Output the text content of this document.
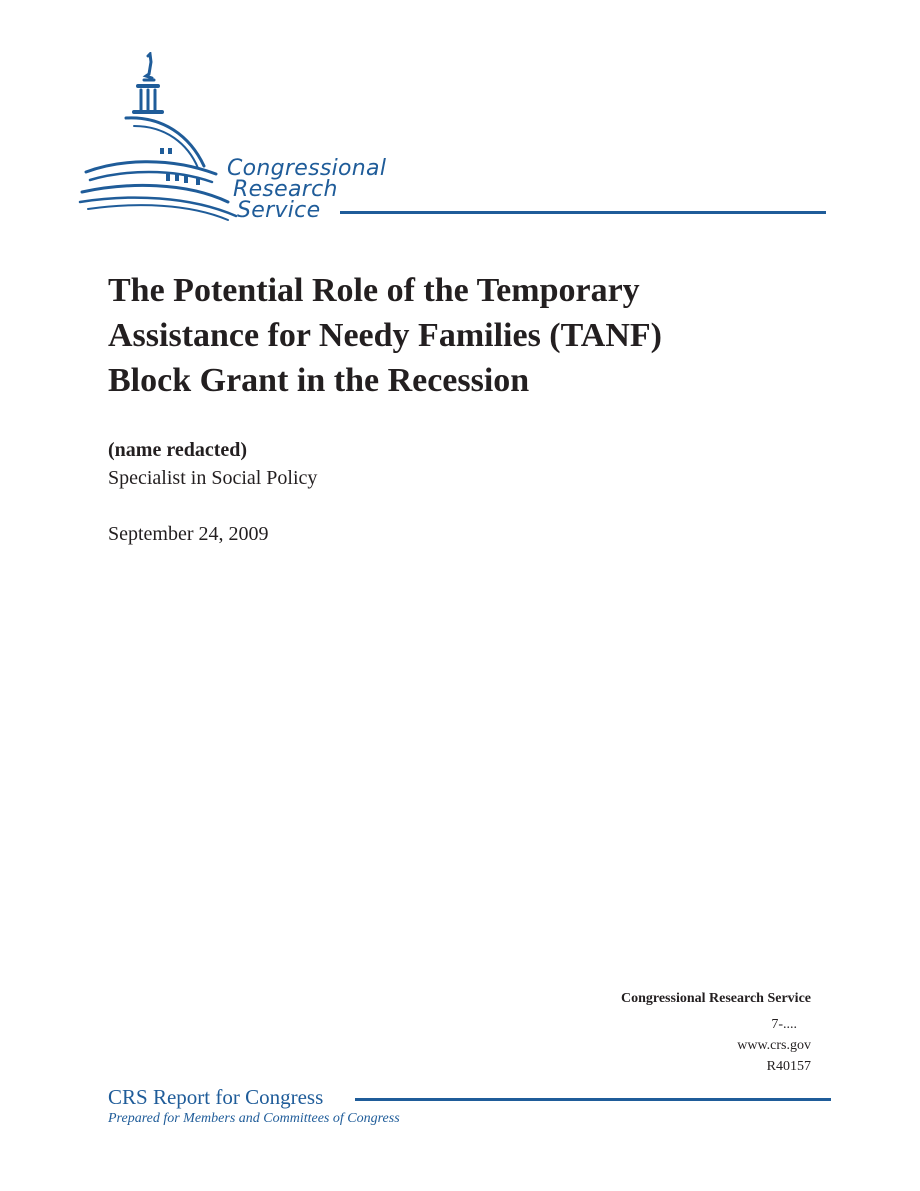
Congressional
Research
Service
The Potential Role of the Temporary
Assistance for Needy Families (TANF)
Block Grant in the Recession
(name redacted)
Specialist in Social Policy
September 24, 2009
Congressional Research Service
7-....
www.crs.gov
R40157
CRS Report for Congress
Prepared for Members and Committees of Congress
